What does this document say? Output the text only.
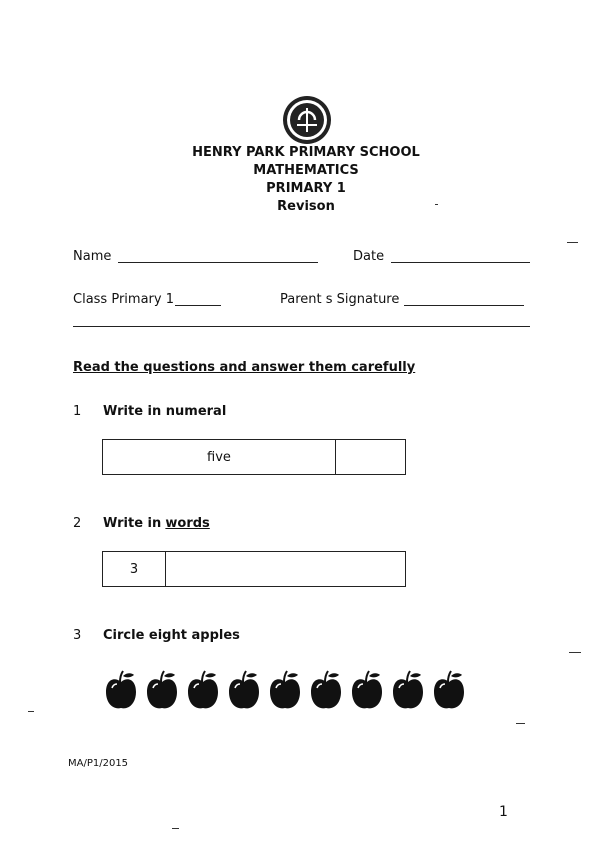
HENRY PARK PRIMARY SCHOOL
MATHEMATICS
PRIMARY 1
Revison
Name	Date
Class Primary 1	Parent s Signature
Read the questions and answer them carefully
1 Write in numeral
five
2 Write in words
3
3 Circle eight apples
MA/P1/2015
1
